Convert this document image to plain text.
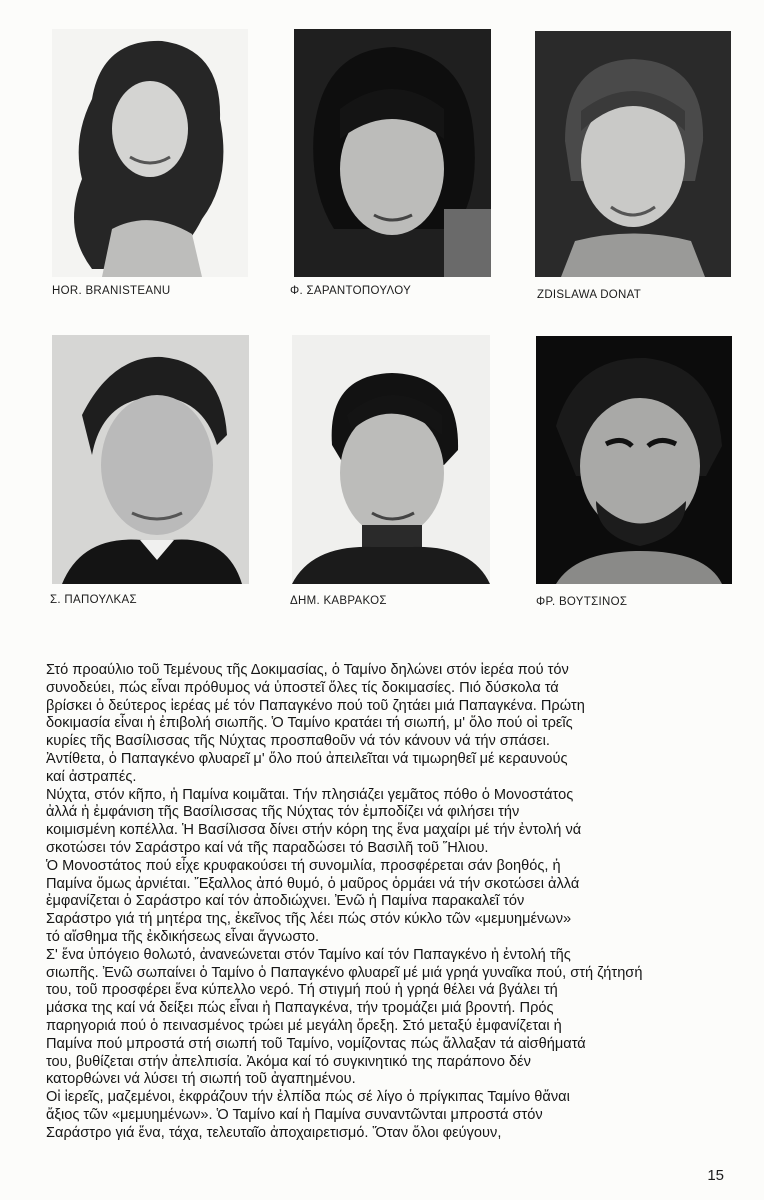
HOR. BRANISTEANU	Φ. ΣΑΡΑΝΤΟΠΟΥΛΟΥ	ZDISLAWA DONAT
Σ. ΠΑΠΟΥΛΚΑΣ	ΔΗΜ. ΚΑΒΡΑΚΟΣ	ΦΡ. ΒΟΥΤΣΙΝΟΣ
Στό προαύλιο τοῦ Τεμένους τῆς Δοκιμασίας, ὁ Ταμίνο δηλώνει στόν ἱερέα πού τόν
συνοδεύει, πώς εἶναι πρόθυμος νά ὑποστεῖ ὅλες τίς δοκιμασίες. Πιό δύσκολα τά
βρίσκει ὁ δεύτερος ἱερέας μέ τόν Παπαγκένο πού τοῦ ζητάει μιά Παπαγκένα. Πρώτη
δοκιμασία εἶναι ἡ ἐπιβολή σιωπῆς. Ὁ Ταμίνο κρατάει τή σιωπή, μ' ὅλο πού οἱ τρεῖς
κυρίες τῆς Βασίλισσας τῆς Νύχτας προσπαθοῦν νά τόν κάνουν νά τήν σπάσει.
Ἀντίθετα, ὁ Παπαγκένο φλυαρεῖ μ' ὅλο πού ἀπειλεῖται νά τιμωρηθεῖ μέ κεραυνούς
καί ἀστραπές.
Νύχτα, στόν κῆπο, ἡ Παμίνα κοιμᾶται. Τήν πλησιάζει γεμᾶτος πόθο ὁ Μονοστάτος
ἀλλά ἡ ἐμφάνιση τῆς Βασίλισσας τῆς Νύχτας τόν ἐμποδίζει νά φιλήσει τήν
κοιμισμένη κοπέλλα. Ἡ Βασίλισσα δίνει στήν κόρη της ἕνα μαχαίρι μέ τήν ἐντολή νά
σκοτώσει τόν Σαράστρο καί νά τῆς παραδώσει τό Βασιλῆ τοῦ Ἥλιου.
Ὁ Μονοστάτος πού εἶχε κρυφακούσει τή συνομιλία, προσφέρεται σάν βοηθός, ἡ
Παμίνα ὅμως ἀρνιέται. Ἔξαλλος ἀπό θυμό, ὁ μαῦρος ὁρμάει νά τήν σκοτώσει ἀλλά
ἐμφανίζεται ὁ Σαράστρο καί τόν ἀποδιώχνει. Ἐνῶ ἡ Παμίνα παρακαλεῖ τόν
Σαράστρο γιά τή μητέρα της, ἐκεῖνος τῆς λέει πώς στόν κύκλο τῶν «μεμυημένων»
τό αἴσθημα τῆς ἐκδικήσεως εἶναι ἄγνωστο.
Σ' ἕνα ὑπόγειο θολωτό, ἀνανεώνεται στόν Ταμίνο καί τόν Παπαγκένο ἡ ἐντολή τῆς
σιωπῆς. Ἐνῶ σωπαίνει ὁ Ταμίνο ὁ Παπαγκένο φλυαρεῖ μέ μιά γρηά γυναῖκα πού, στή ζήτησή
του, τοῦ προσφέρει ἕνα κύπελλο νερό. Τή στιγμή πού ἡ γρηά θέλει νά βγάλει τή
μάσκα της καί νά δείξει πώς εἶναι ἡ Παπαγκένα, τήν τρομάζει μιά βροντή. Πρός
παρηγοριά πού ὁ πεινασμένος τρώει μέ μεγάλη ὄρεξη. Στό μεταξύ ἐμφανίζεται ἡ
Παμίνα πού μπροστά στή σιωπή τοῦ Ταμίνο, νομίζοντας πώς ἄλλαξαν τά αἰσθήματά
του, βυθίζεται στήν ἀπελπισία. Ἀκόμα καί τό συγκινητικό της παράπονο δέν
κατορθώνει νά λύσει τή σιωπή τοῦ ἀγαπημένου.
Οἱ ἱερεῖς, μαζεμένοι, ἐκφράζουν τήν ἐλπίδα πώς σέ λίγο ὁ πρίγκιπας Ταμίνο θἄναι
ἄξιος τῶν «μεμυημένων». Ὁ Ταμίνο καί ἡ Παμίνα συναντῶνται μπροστά στόν
Σαράστρο γιά ἕνα, τάχα, τελευταῖο ἀποχαιρετισμό. Ὅταν ὅλοι φεύγουν,
15
